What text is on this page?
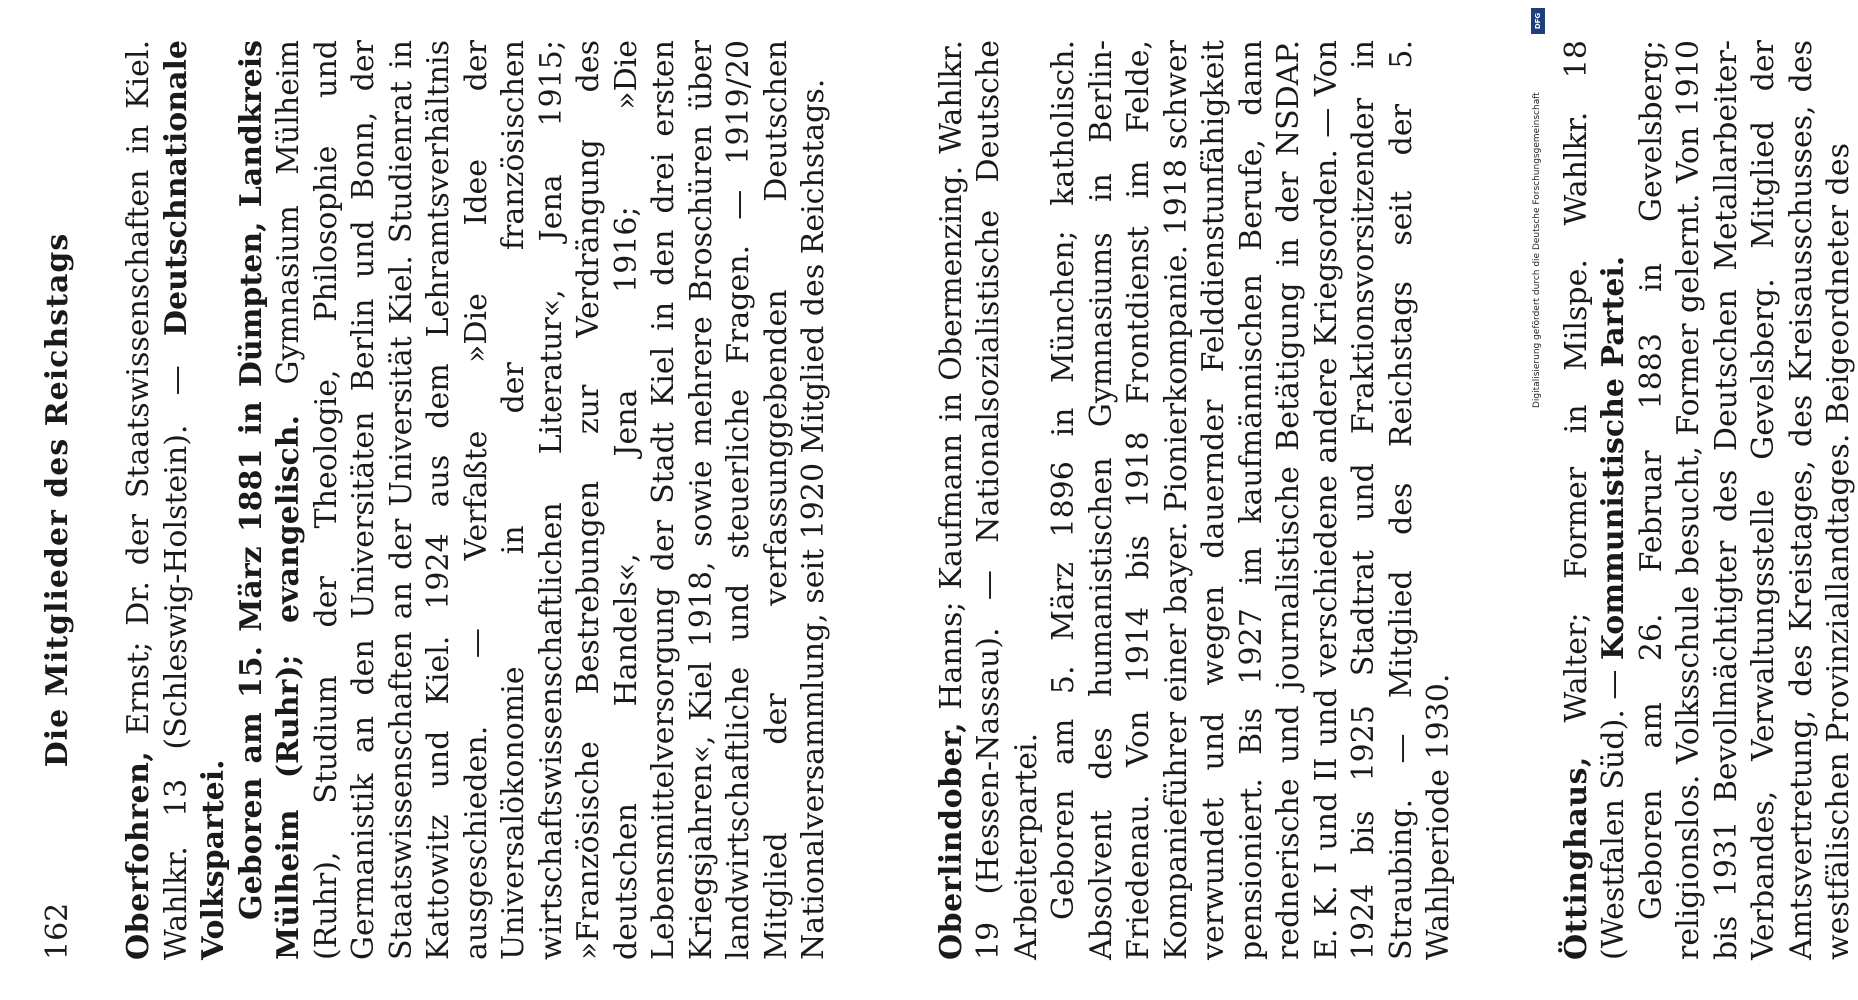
162
Die Mitglieder des Reichstags

Oberfohren, Ernst; Dr. der Staatswissenschaften in Kiel. Wahlkr. 13 (Schleswig-Holstein). — Deutschnationale Volkspartei. Geboren am 15. März 1881 in Dümpten, Landkreis Mülheim (Ruhr); evangelisch. Gymnasium Mülheim (Ruhr), Studium der Theologie, Philosophie und Germanistik an den Universitäten Berlin und Bonn, der Staatswissenschaften an der Universität Kiel. Studienrat in Kattowitz und Kiel. 1924 aus dem Lehramtsverhältnis ausgeschieden. — Verfaßte »Die Idee der Universalökonomie in der französischen wirtschaftswissenschaftlichen Literatur«, Jena 1915; »Französische Bestrebungen zur Verdrängung des deutschen Handels«, Jena 1916; »Die Lebensmittelversorgung der Stadt Kiel in den drei ersten Kriegsjahren«, Kiel 1918, sowie mehrere Broschüren über landwirtschaftliche und steuerliche Fragen. — 1919/20 Mitglied der verfassunggebenden Deutschen Nationalversammlung, seit 1920 Mitglied des Reichstags.	Oberlindober, Hanns; Kaufmann in Obermenzing. Wahlkr. 19 (Hessen-Nassau). — Nationalsozialistische Deutsche Arbeiterpartei. Geboren am 5. März 1896 in München; katholisch. Absolvent des humanistischen Gymnasiums in Berlin-Friedenau. Von 1914 bis 1918 Frontdienst im Felde, Kompanieführer einer bayer. Pionierkompanie. 1918 schwer verwundet und wegen dauernder Felddienstunfähigkeit pensioniert. Bis 1927 im kaufmännischen Berufe, dann rednerische und journalistische Betätigung in der NSDAP. E. K. I und II und verschiedene andere Kriegsorden. — Von 1924 bis 1925 Stadtrat und Fraktionsvorsitzender in Straubing. — Mitglied des Reichstags seit der 5. Wahlperiode 1930.	Öttinghaus, Walter; Former in Milspe. Wahlkr. 18 (Westfalen Süd). — Kommunistische Partei. Geboren am 26. Februar 1883 in Gevelsberg; religionslos. Volksschule besucht, Former gelernt. Von 1910 bis 1931 Bevollmächtigter des Deutschen Metallarbeiter-Verbandes, Verwaltungsstelle Gevelsberg. Mitglied der Amtsvertretung, des Kreistages, des Kreisausschusses, des westfälischen Provinziallandtages. Beigeordneter des

DFG
Digitalisierung gefördert durch die Deutsche Forschungsgemeinschaft
